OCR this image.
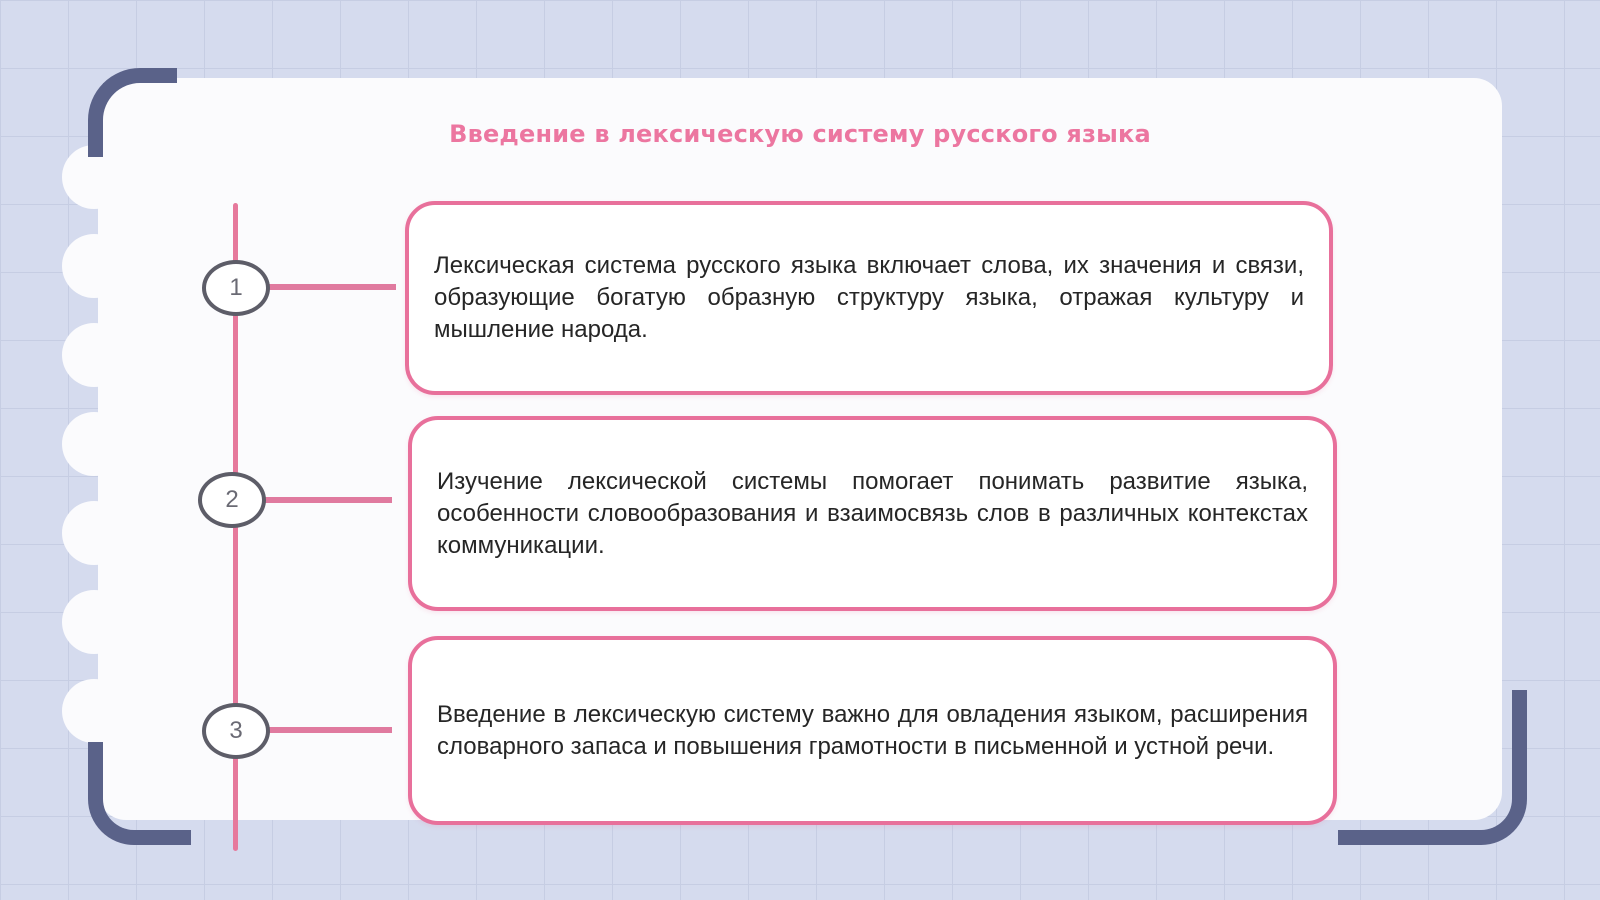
Введение в лексическую систему русского языка
1
2
3

Лексическая система русского языка включает слова, их значения и связи, образующие богатую образную структуру языка, отражая культуру и мышление народа.

Изучение лексической системы помогает понимать развитие языка, особенности словообразования и взаимосвязь слов в различных контекстах коммуникации.

Введение в лексическую систему важно для овладения языком, расширения словарного запаса и повышения грамотности в письменной и устной речи.
